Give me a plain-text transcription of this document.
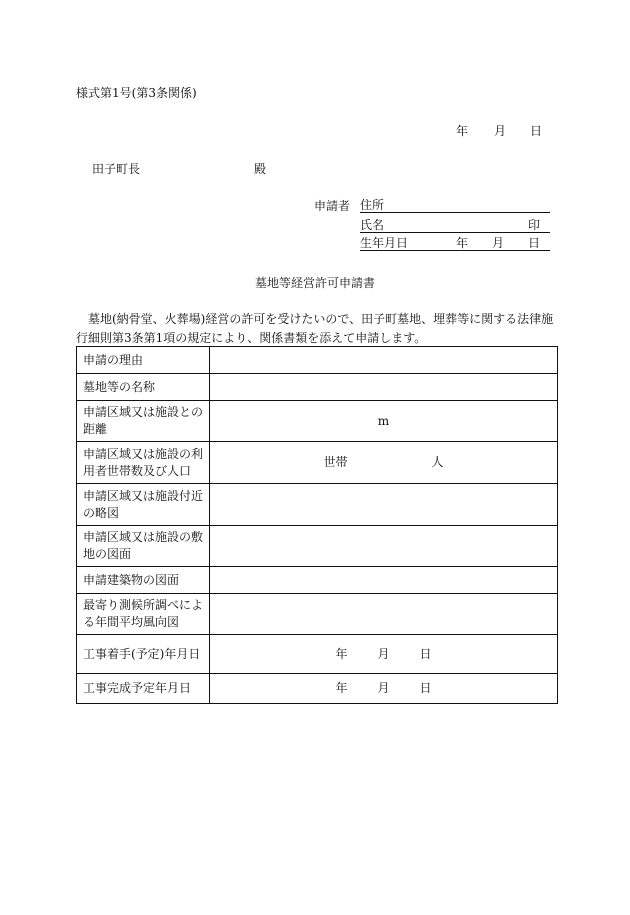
様式第1号(第3条関係)
年 月 日
田子町長	殿
申請者 住所
氏名	印
生年月日	年 月 日
墓地等経営許可申請書
墓地(納骨堂、火葬場)経営の許可を受けたいので、田子町墓地、埋葬等に関する法律施行細則第3条第1項の規定により、関係書類を添えて申請します。
申請の理由	
墓地等の名称	
申請区域又は施設との距離	m
申請区域又は施設の利用者世帯数及び人口	世帯 人
申請区域又は施設付近の略図	
申請区域又は施設の敷地の図面	
申請建築物の図面	
最寄り測候所調べによる年間平均風向図	
工事着手(予定)年月日	年 月 日
工事完成予定年月日	年 月 日
